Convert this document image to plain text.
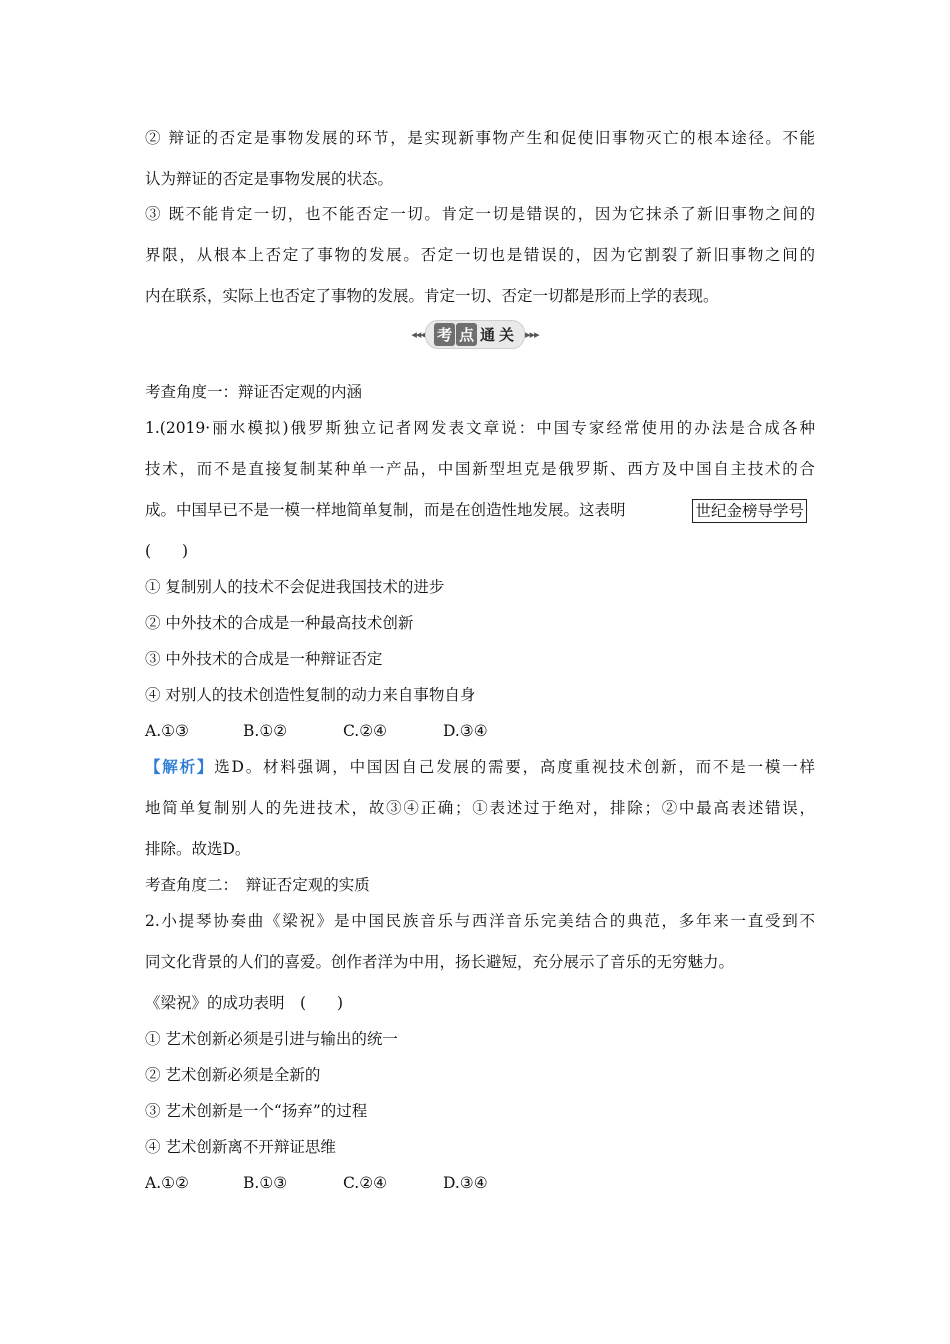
② 辩证的否定是事物发展的环节，是实现新事物产生和促使旧事物灭亡的根本途径。不能
认为辩证的否定是事物发展的状态。
③ 既不能肯定一切，也不能否定一切。肯定一切是错误的，因为它抹杀了新旧事物之间的
界限，从根本上否定了事物的发展。否定一切也是错误的，因为它割裂了新旧事物之间的
内在联系，实际上也否定了事物的发展。肯定一切、否定一切都是形而上学的表现。
◂◂◂ 考 点 通 关 ▸▸▸
考查角度一：辩证否定观的内涵
1.(2019·丽水模拟)俄罗斯独立记者网发表文章说：中国专家经常使用的办法是合成各种
技术，而不是直接复制某种单一产品，中国新型坦克是俄罗斯、西方及中国自主技术的合
成。中国早已不是一模一样地简单复制，而是在创造性地发展。这表明	世纪金榜导学号
(　　)
① 复制别人的技术不会促进我国技术的进步
② 中外技术的合成是一种最高技术创新
③ 中外技术的合成是一种辩证否定
④ 对别人的技术创造性复制的动力来自事物自身
A.①③	B.①②	C.②④	D.③④
【解析】选D。材料强调，中国因自己发展的需要，高度重视技术创新，而不是一模一样
地简单复制别人的先进技术，故③④正确；①表述过于绝对，排除；②中最高表述错误，
排除。故选D。
考查角度二：　辩证否定观的实质
2.小提琴协奏曲《梁祝》是中国民族音乐与西洋音乐完美结合的典范，多年来一直受到不
同文化背景的人们的喜爱。创作者洋为中用，扬长避短，充分展示了音乐的无穷魅力。
《梁祝》的成功表明　(　　)
① 艺术创新必须是引进与输出的统一
② 艺术创新必须是全新的
③ 艺术创新是一个“扬弃”的过程
④ 艺术创新离不开辩证思维
A.①②	B.①③	C.②④	D.③④
